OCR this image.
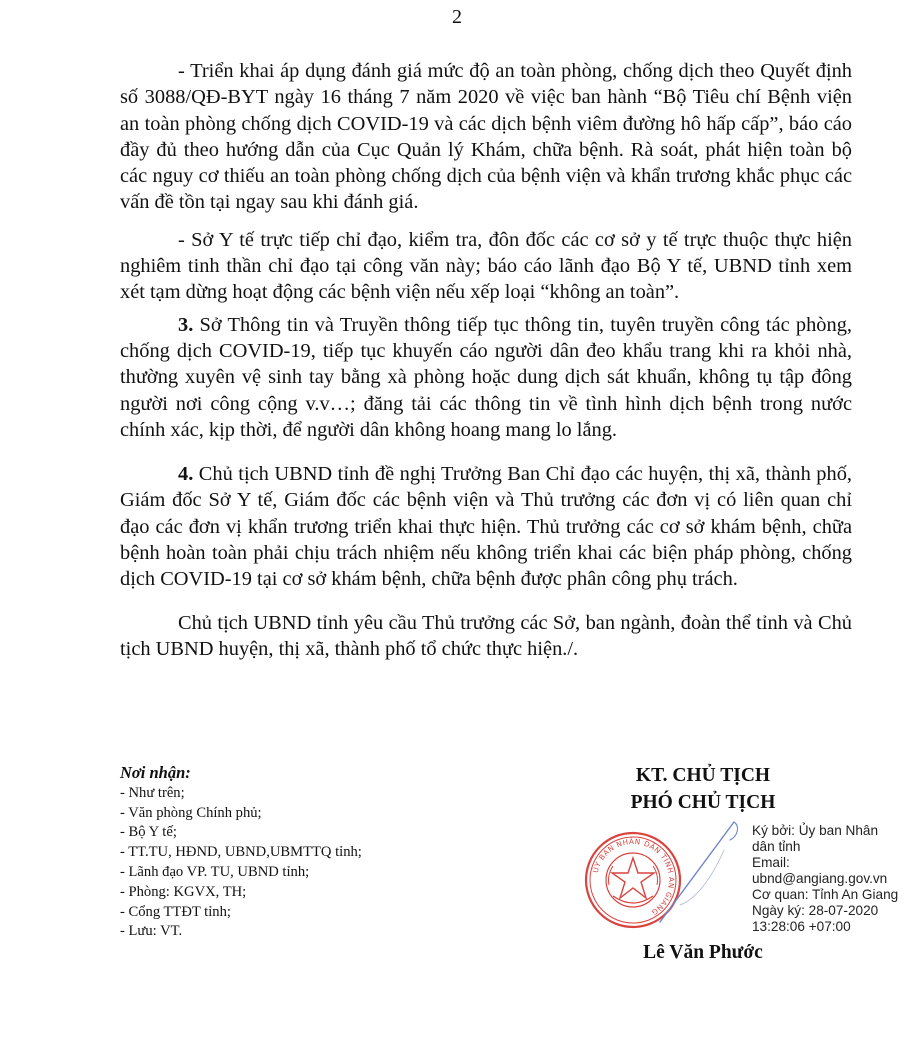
2

- Triển khai áp dụng đánh giá mức độ an toàn phòng, chống dịch theo Quyết định số 3088/QĐ-BYT ngày 16 tháng 7 năm 2020 về việc ban hành “Bộ Tiêu chí Bệnh viện an toàn phòng chống dịch COVID-19 và các dịch bệnh viêm đường hô hấp cấp”, báo cáo đầy đủ theo hướng dẫn của Cục Quản lý Khám, chữa bệnh. Rà soát, phát hiện toàn bộ các nguy cơ thiếu an toàn phòng chống dịch của bệnh viện và khẩn trương khắc phục các vấn đề tồn tại ngay sau khi đánh giá.

- Sở Y tế trực tiếp chỉ đạo, kiểm tra, đôn đốc các cơ sở y tế trực thuộc thực hiện nghiêm tinh thần chỉ đạo tại công văn này; báo cáo lãnh đạo Bộ Y tế, UBND tỉnh xem xét tạm dừng hoạt động các bệnh viện nếu xếp loại “không an toàn”.

3. Sở Thông tin và Truyền thông tiếp tục thông tin, tuyên truyền công tác phòng, chống dịch COVID-19, tiếp tục khuyến cáo người dân đeo khẩu trang khi ra khỏi nhà, thường xuyên vệ sinh tay bằng xà phòng hoặc dung dịch sát khuẩn, không tụ tập đông người nơi công cộng v.v…; đăng tải các thông tin về tình hình dịch bệnh trong nước chính xác, kịp thời, để người dân không hoang mang lo lắng.

4. Chủ tịch UBND tỉnh đề nghị Trưởng Ban Chỉ đạo các huyện, thị xã, thành phố, Giám đốc Sở Y tế, Giám đốc các bệnh viện và Thủ trưởng các đơn vị có liên quan chỉ đạo các đơn vị khẩn trương triển khai thực hiện. Thủ trưởng các cơ sở khám bệnh, chữa bệnh hoàn toàn phải chịu trách nhiệm nếu không triển khai các biện pháp phòng, chống dịch COVID-19 tại cơ sở khám bệnh, chữa bệnh được phân công phụ trách.

Chủ tịch UBND tỉnh yêu cầu Thủ trưởng các Sở, ban ngành, đoàn thể tỉnh và Chủ tịch UBND huyện, thị xã, thành phố tổ chức thực hiện./.

Nơi nhận:
- Như trên;
- Văn phòng Chính phủ;
- Bộ Y tế;
- TT.TU, HĐND, UBND,UBMTTQ tỉnh;
- Lãnh đạo VP. TU, UBND tỉnh;
- Phòng: KGVX, TH;
- Cổng TTĐT tỉnh;
- Lưu: VT.
KT. CHỦ TỊCH
PHÓ CHỦ TỊCH
ỦY BAN NHÂN DÂN TỈNH AN GIANG
Ký bởi: Ủy ban Nhân
dân tỉnh
Email:
ubnd@angiang.gov.vn
Cơ quan: Tỉnh An Giang
Ngày ký: 28-07-2020
13:28:06 +07:00
Lê Văn Phước
